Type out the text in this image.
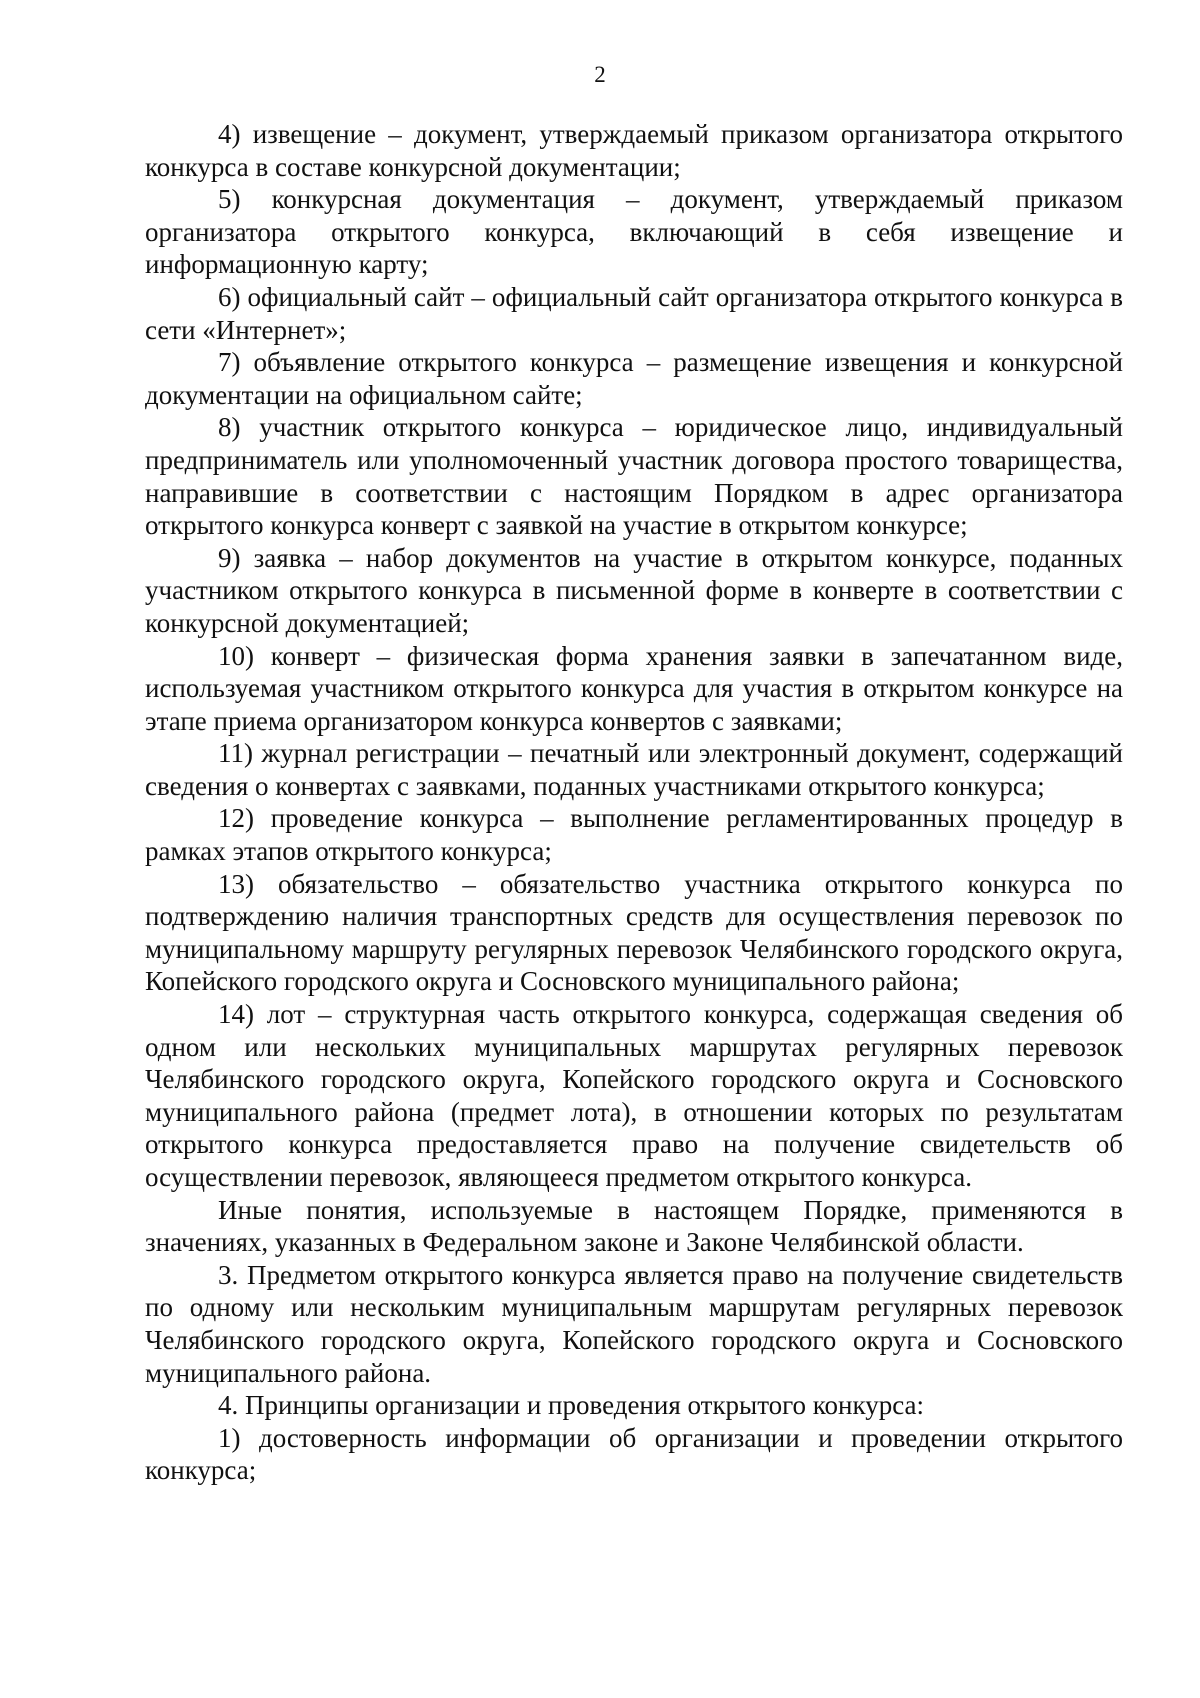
2

4) извещение – документ, утверждаемый приказом организатора открытого конкурса в составе конкурсной документации;

5) конкурсная документация – документ, утверждаемый приказом организатора открытого конкурса, включающий в себя извещение и информационную карту;

6) официальный сайт – официальный сайт организатора открытого конкурса в сети «Интернет»;

7) объявление открытого конкурса – размещение извещения и конкурсной документации на официальном сайте;

8) участник открытого конкурса – юридическое лицо, индивидуальный предприниматель или уполномоченный участник договора простого товарищества, направившие в соответствии с настоящим Порядком в адрес организатора открытого конкурса конверт с заявкой на участие в открытом конкурсе;

9) заявка – набор документов на участие в открытом конкурсе, поданных участником открытого конкурса в письменной форме в конверте в соответствии с конкурсной документацией;

10) конверт – физическая форма хранения заявки в запечатанном виде, используемая участником открытого конкурса для участия в открытом конкурсе на этапе приема организатором конкурса конвертов с заявками;

11) журнал регистрации – печатный или электронный документ, содержащий сведения о конвертах с заявками, поданных участниками открытого конкурса;

12) проведение конкурса – выполнение регламентированных процедур в рамках этапов открытого конкурса;

13) обязательство – обязательство участника открытого конкурса по подтверждению наличия транспортных средств для осуществления перевозок по муниципальному маршруту регулярных перевозок Челябинского городского округа, Копейского городского округа и Сосновского муниципального района;

14) лот – структурная часть открытого конкурса, содержащая сведения об одном или нескольких муниципальных маршрутах регулярных перевозок Челябинского городского округа, Копейского городского округа и Сосновского муниципального района (предмет лота), в отношении которых по результатам открытого конкурса предоставляется право на получение свидетельств об осуществлении перевозок, являющееся предметом открытого конкурса.

Иные понятия, используемые в настоящем Порядке, применяются в значениях, указанных в Федеральном законе и Законе Челябинской области.

3. Предметом открытого конкурса является право на получение свидетельств по одному или нескольким муниципальным маршрутам регулярных перевозок Челябинского городского округа, Копейского городского округа и Сосновского муниципального района.

4. Принципы организации и проведения открытого конкурса:

1) достоверность информации об организации и проведении открытого конкурса;
